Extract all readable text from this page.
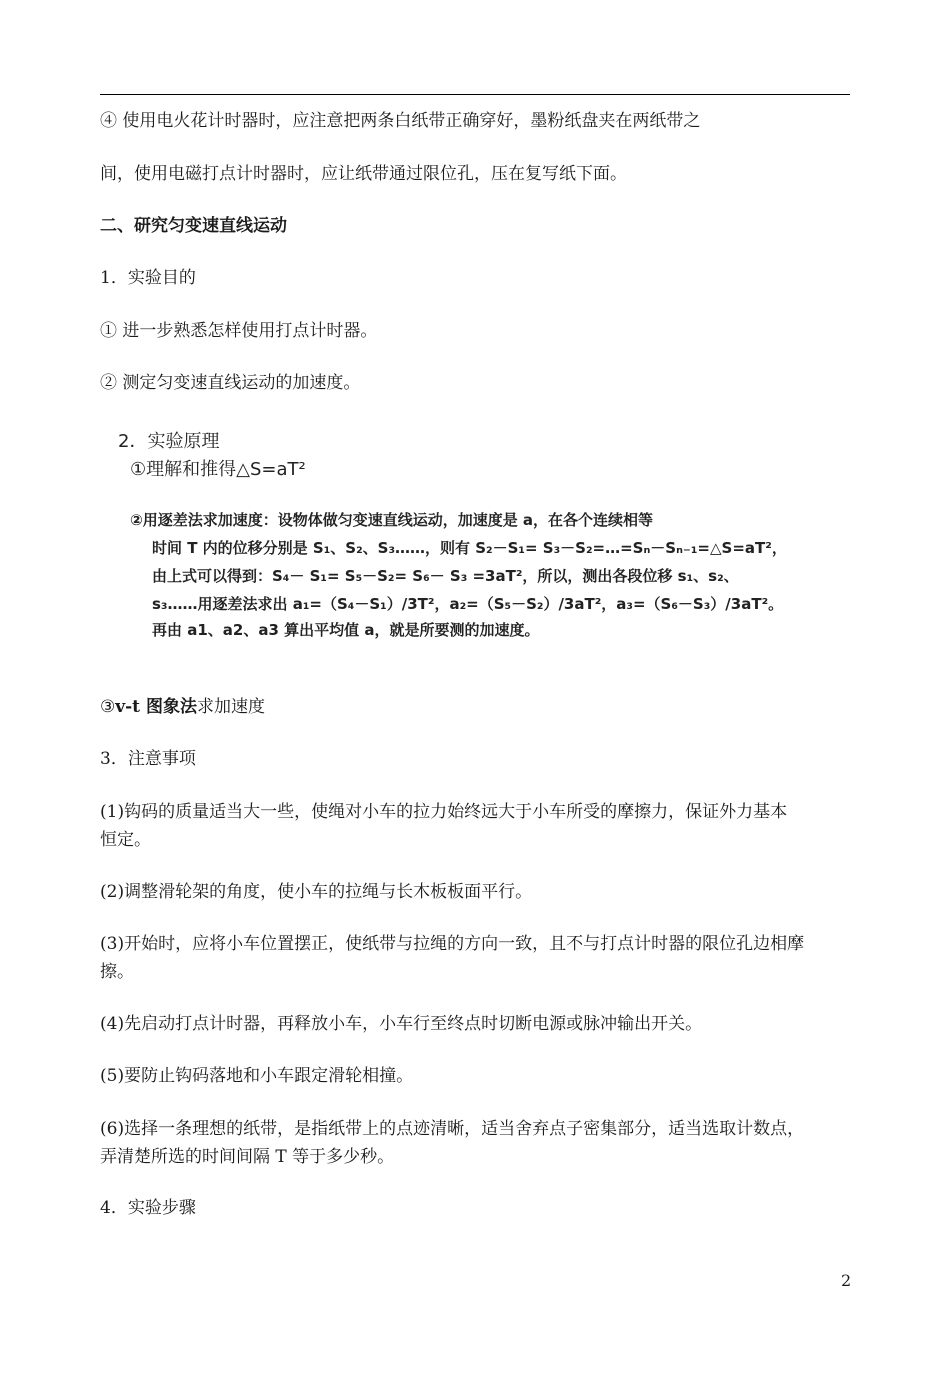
④ 使用电火花计时器时，应注意把两条白纸带正确穿好，墨粉纸盘夹在两纸带之
间，使用电磁打点计时器时，应让纸带通过限位孔，压在复写纸下面。
二、研究匀变速直线运动
1．实验目的
① 进一步熟悉怎样使用打点计时器。
② 测定匀变速直线运动的加速度。
2．实验原理
①理解和推得△S=aT²
②用逐差法求加速度：设物体做匀变速直线运动，加速度是 a，在各个连续相等
时间 T 内的位移分别是 S₁、S₂、S₃……，则有 S₂－S₁= S₃－S₂=…=Sₙ－Sₙ₋₁=△S=aT²，
由上式可以得到：S₄－ S₁= S₅－S₂= S₆－ S₃ =3aT²，所以，测出各段位移 s₁、s₂、
s₃……用逐差法求出 a₁=（S₄－S₁）/3T²，a₂=（S₅－S₂）/3aT²，a₃=（S₆－S₃）/3aT²。
再由 a1、a2、a3 算出平均值 a，就是所要测的加速度。
③v-t 图象法求加速度
3．注意事项
(1)钩码的质量适当大一些，使绳对小车的拉力始终远大于小车所受的摩擦力，保证外力基本
恒定。
(2)调整滑轮架的角度，使小车的拉绳与长木板板面平行。
(3)开始时，应将小车位置摆正，使纸带与拉绳的方向一致，且不与打点计时器的限位孔边相摩
擦。
(4)先启动打点计时器，再释放小车，小车行至终点时切断电源或脉冲输出开关。
(5)要防止钩码落地和小车跟定滑轮相撞。
(6)选择一条理想的纸带，是指纸带上的点迹清晰，适当舍弃点子密集部分，适当选取计数点，
弄清楚所选的时间间隔 T 等于多少秒。
4．实验步骤
2
